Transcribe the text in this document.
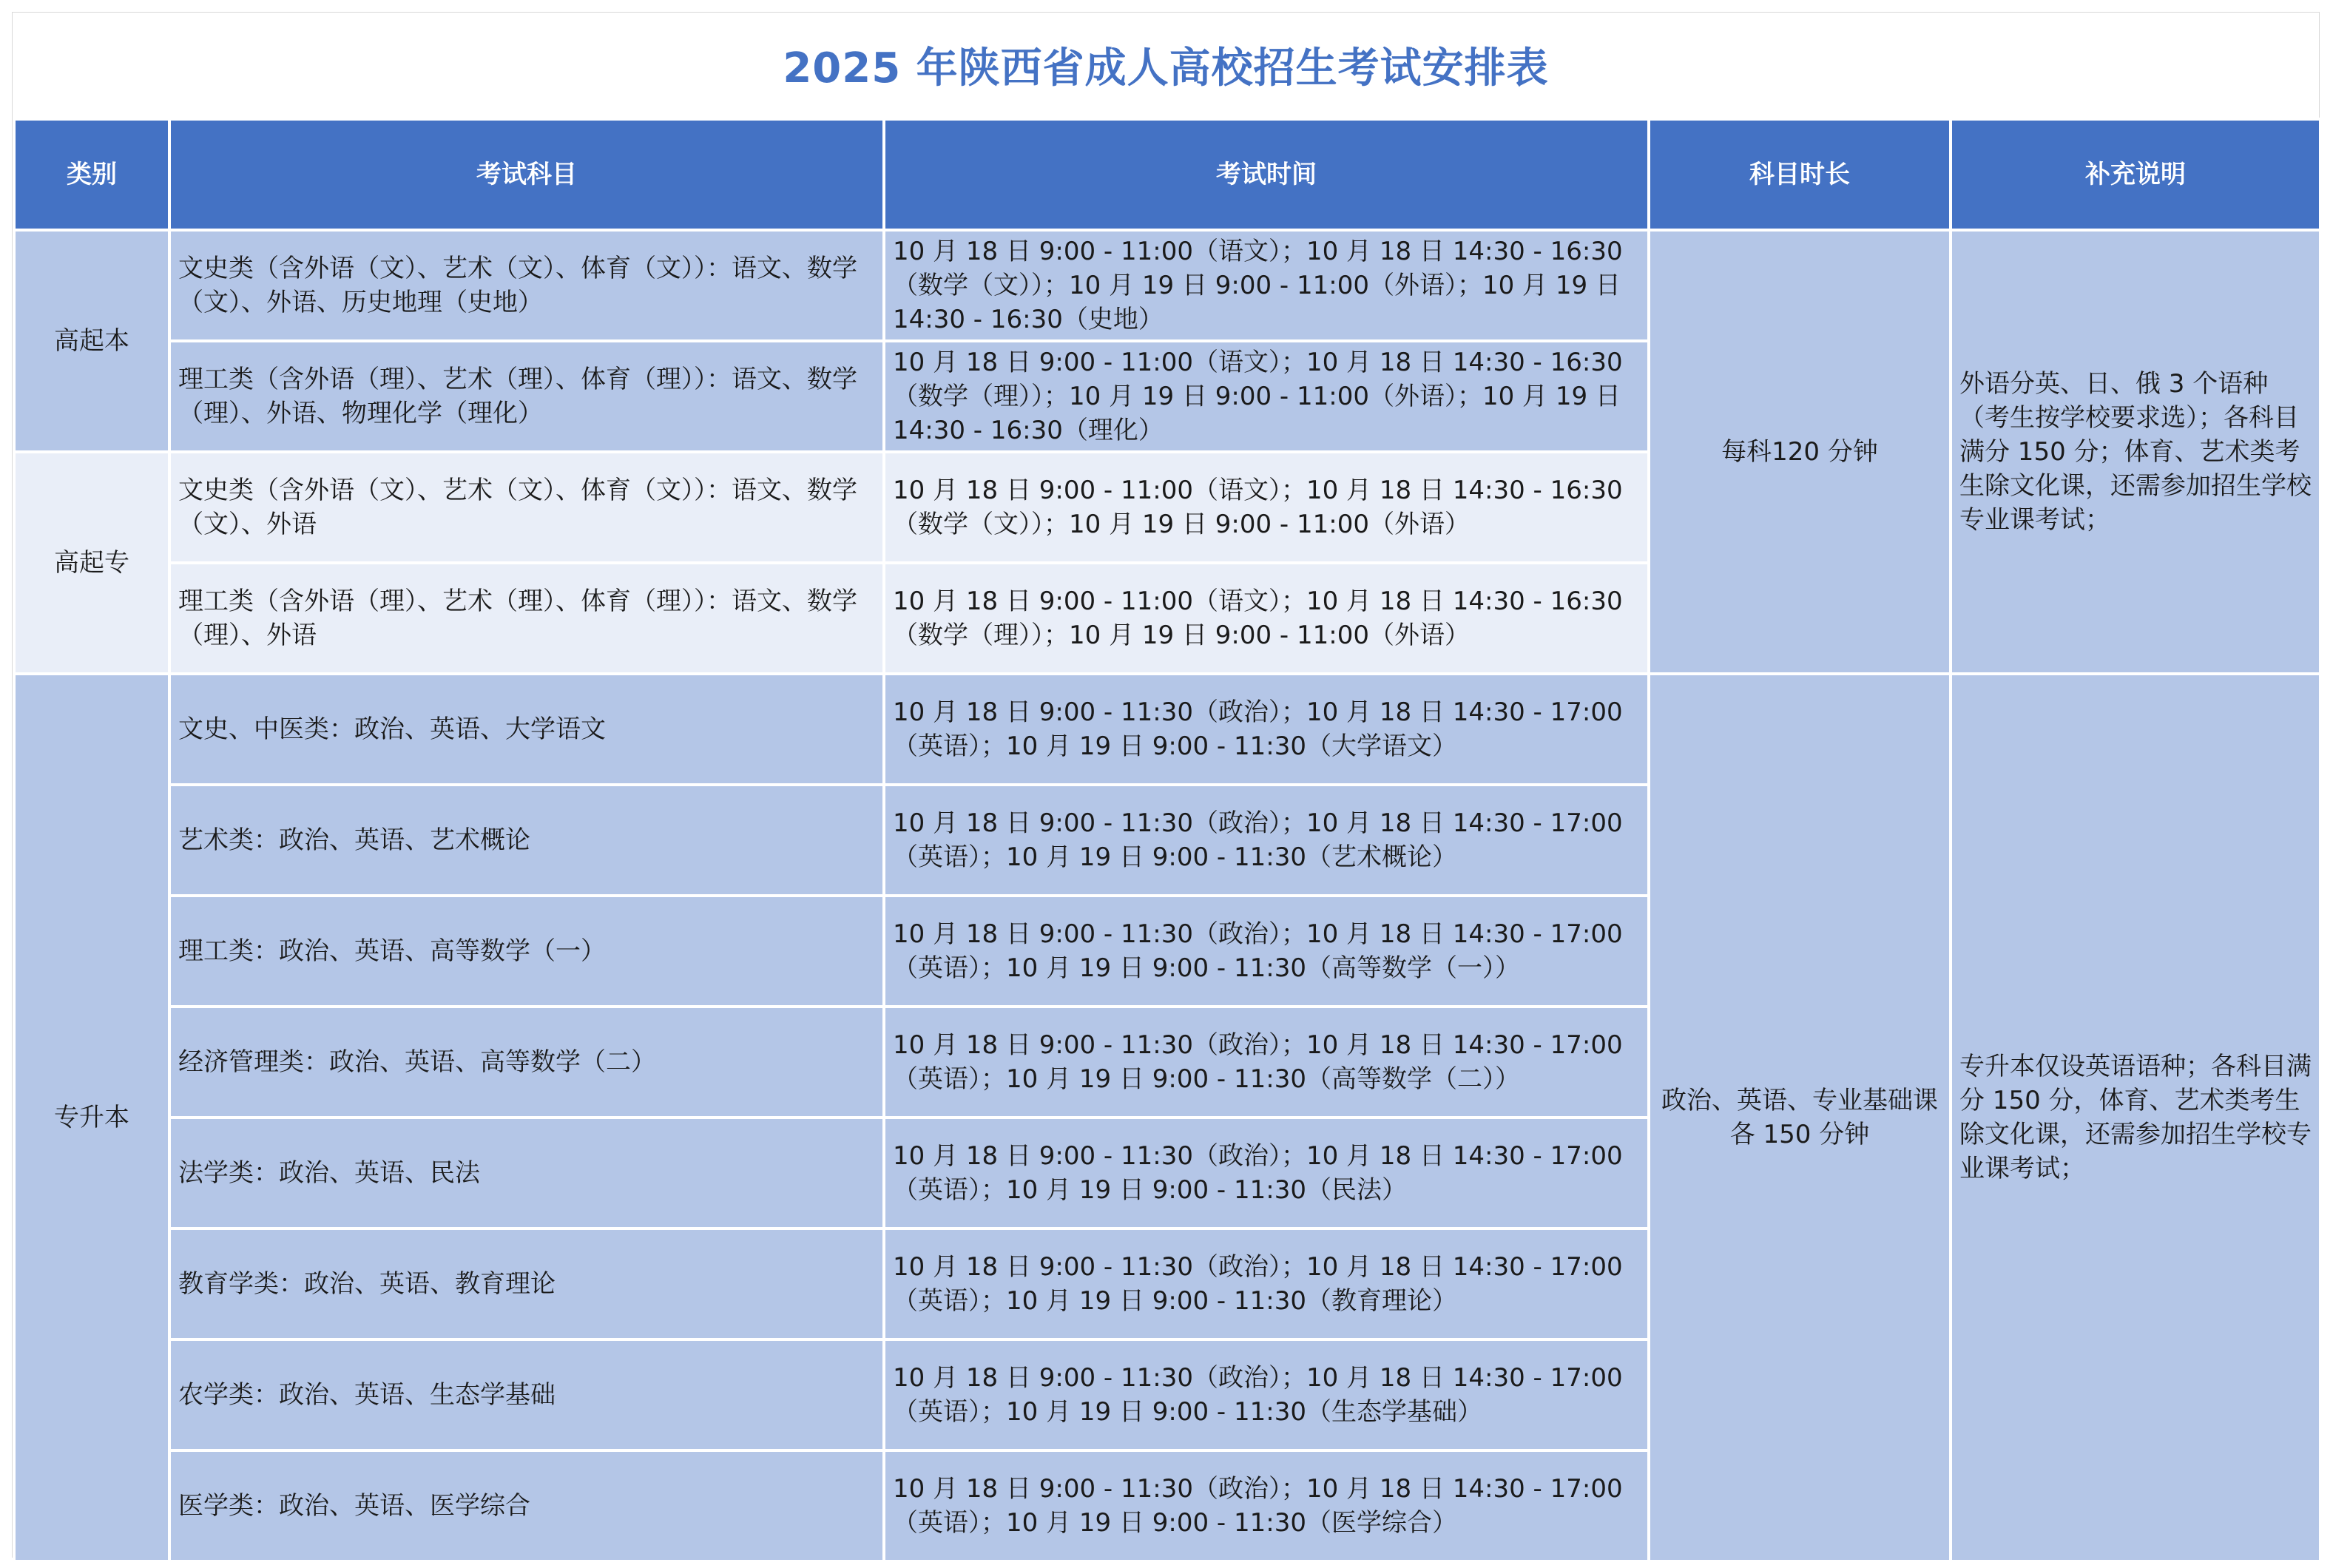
2025 年陕西省成人高校招生考试安排表
类别	考试科目	考试时间	科目时长	补充说明
高起本	文史类（含外语（文）、艺术（文）、体育（文））：语文、数学（文）、外语、历史地理（史地）	10 月 18 日 9:00 - 11:00（语文）；10 月 18 日 14:30 - 16:30（数学（文））；10 月 19 日 9:00 - 11:00（外语）；10 月 19 日 14:30 - 16:30（史地）	每科120 分钟	外语分英、日、俄 3 个语种（考生按学校要求选）；各科目满分 150 分；体育、艺术类考生除文化课，还需参加招生学校专业课考试；
	理工类（含外语（理）、艺术（理）、体育（理））：语文、数学（理）、外语、物理化学（理化）	10 月 18 日 9:00 - 11:00（语文）；10 月 18 日 14:30 - 16:30（数学（理））；10 月 19 日 9:00 - 11:00（外语）；10 月 19 日 14:30 - 16:30（理化）		
高起专	文史类（含外语（文）、艺术（文）、体育（文））：语文、数学（文）、外语	10 月 18 日 9:00 - 11:00（语文）；10 月 18 日 14:30 - 16:30（数学（文））；10 月 19 日 9:00 - 11:00（外语）		
	理工类（含外语（理）、艺术（理）、体育（理））：语文、数学（理）、外语	10 月 18 日 9:00 - 11:00（语文）；10 月 18 日 14:30 - 16:30（数学（理））；10 月 19 日 9:00 - 11:00（外语）		
专升本	文史、中医类：政治、英语、大学语文	10 月 18 日 9:00 - 11:30（政治）；10 月 18 日 14:30 - 17:00（英语）；10 月 19 日 9:00 - 11:30（大学语文）	政治、英语、专业基础课各 150 分钟	专升本仅设英语语种；各科目满分 150 分，体育、艺术类考生除文化课，还需参加招生学校专业课考试；
	艺术类：政治、英语、艺术概论	10 月 18 日 9:00 - 11:30（政治）；10 月 18 日 14:30 - 17:00（英语）；10 月 19 日 9:00 - 11:30（艺术概论）		
	理工类：政治、英语、高等数学（一）	10 月 18 日 9:00 - 11:30（政治）；10 月 18 日 14:30 - 17:00（英语）；10 月 19 日 9:00 - 11:30（高等数学（一））		
	经济管理类：政治、英语、高等数学（二）	10 月 18 日 9:00 - 11:30（政治）；10 月 18 日 14:30 - 17:00（英语）；10 月 19 日 9:00 - 11:30（高等数学（二））		
	法学类：政治、英语、民法	10 月 18 日 9:00 - 11:30（政治）；10 月 18 日 14:30 - 17:00（英语）；10 月 19 日 9:00 - 11:30（民法）		
	教育学类：政治、英语、教育理论	10 月 18 日 9:00 - 11:30（政治）；10 月 18 日 14:30 - 17:00（英语）；10 月 19 日 9:00 - 11:30（教育理论）		
	农学类：政治、英语、生态学基础	10 月 18 日 9:00 - 11:30（政治）；10 月 18 日 14:30 - 17:00（英语）；10 月 19 日 9:00 - 11:30（生态学基础）		
	医学类：政治、英语、医学综合	10 月 18 日 9:00 - 11:30（政治）；10 月 18 日 14:30 - 17:00（英语）；10 月 19 日 9:00 - 11:30（医学综合）		
